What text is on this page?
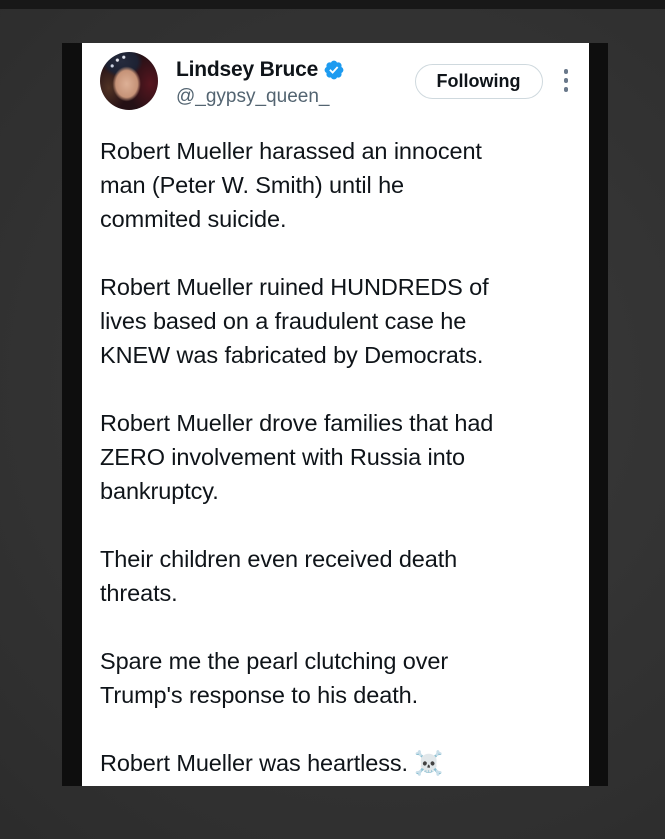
Lindsey Bruce
@_gypsy_queen_
Following
Robert Mueller harassed an innocent
man (Peter W. Smith) until he
commited suicide.
Robert Mueller ruined HUNDREDS of
lives based on a fraudulent case he
KNEW was fabricated by Democrats.
Robert Mueller drove families that had
ZERO involvement with Russia into
bankruptcy.
Their children even received death
threats.
Spare me the pearl clutching over
Trump's response to his death.
Robert Mueller was heartless. ☠️
